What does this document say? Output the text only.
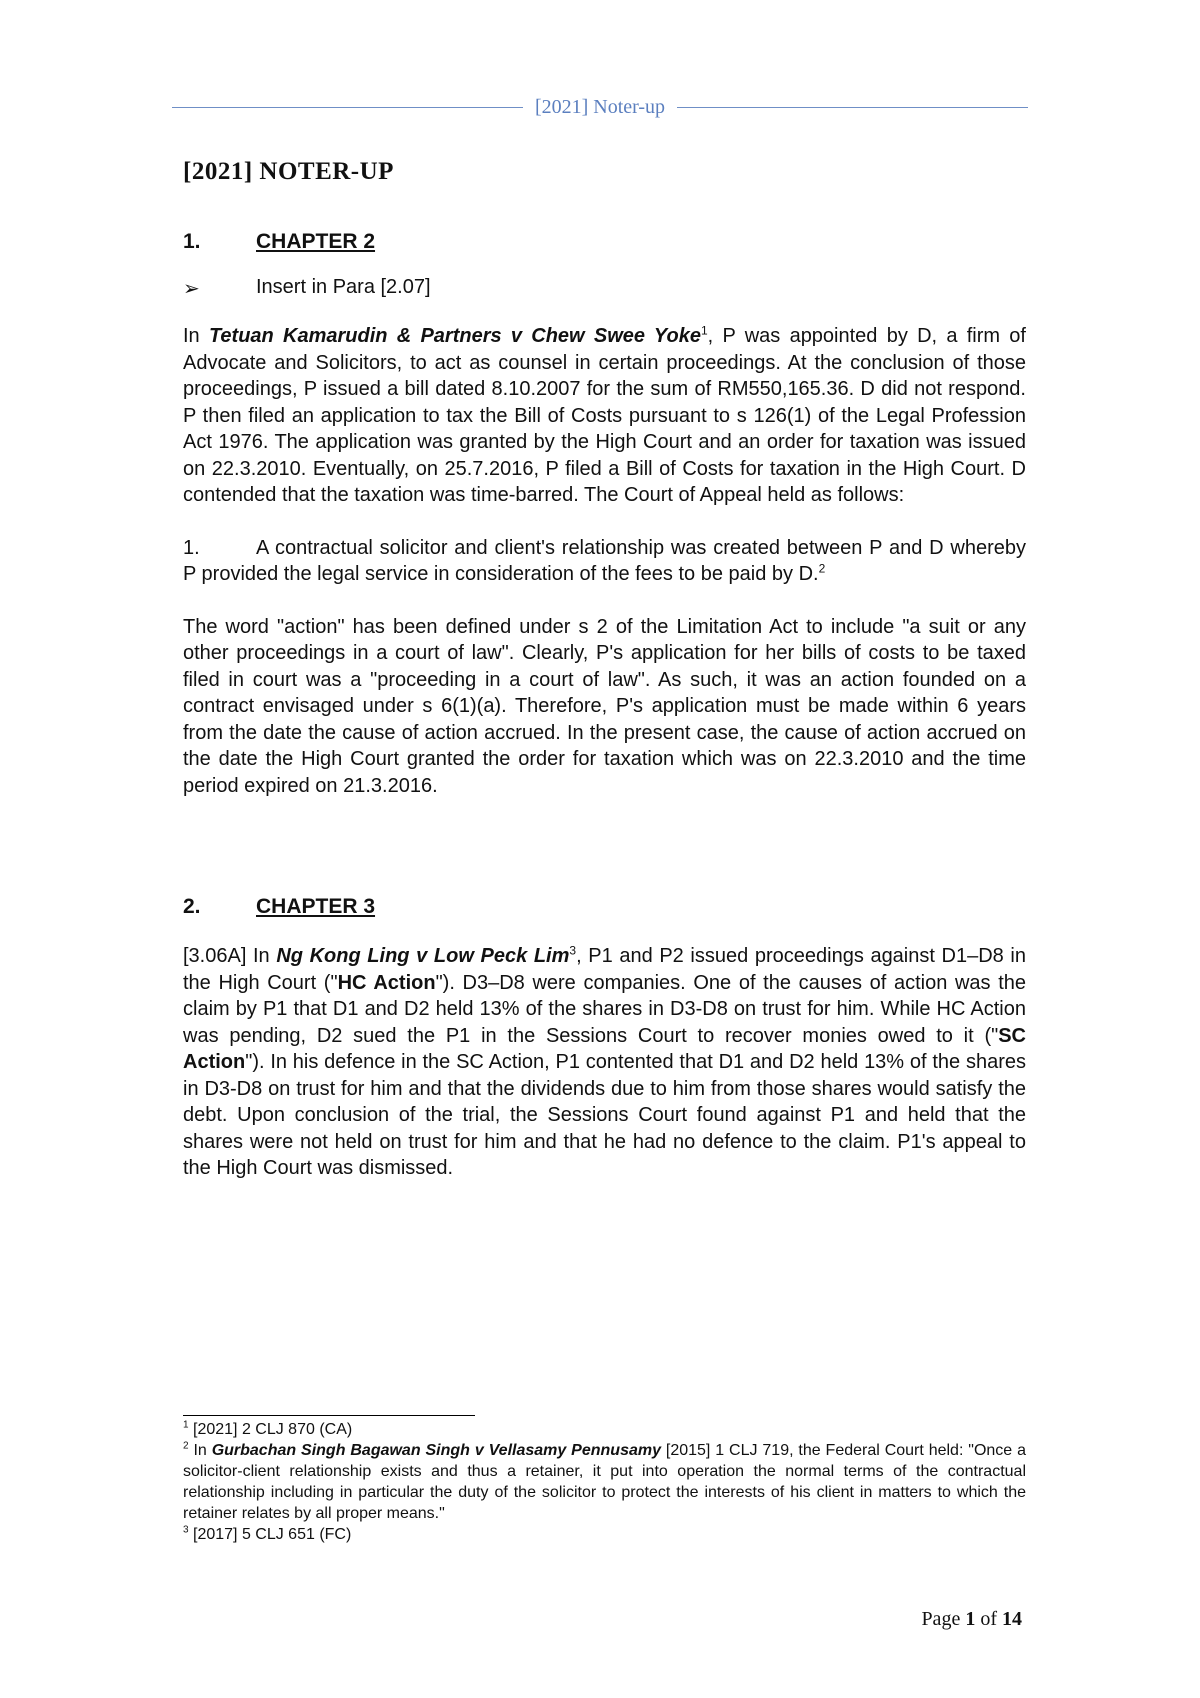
[2021] Noter-up
[2021] NOTER-UP
1.	CHAPTER 2
➢	Insert in Para [2.07]

In Tetuan Kamarudin & Partners v Chew Swee Yoke$^1$, P was appointed by D, a firm of Advocate and Solicitors, to act as counsel in certain proceedings. At the conclusion of those proceedings, P issued a bill dated 8.10.2007 for the sum of RM550,165.36. D did not respond. P then filed an application to tax the Bill of Costs pursuant to s 126(1) of the Legal Profession Act 1976. The application was granted by the High Court and an order for taxation was issued on 22.3.2010. Eventually, on 25.7.2016, P filed a Bill of Costs for taxation in the High Court. D contended that the taxation was time-barred. The Court of Appeal held as follows:

1.	A contractual solicitor and client's relationship was created between P and D whereby P provided the legal service in consideration of the fees to be paid by D.$^2$

The word "action" has been defined under s 2 of the Limitation Act to include "a suit or any other proceedings in a court of law". Clearly, P's application for her bills of costs to be taxed filed in court was a "proceeding in a court of law". As such, it was an action founded on a contract envisaged under s 6(1)(a). Therefore, P's application must be made within 6 years from the date the cause of action accrued. In the present case, the cause of action accrued on the date the High Court granted the order for taxation which was on 22.3.2010 and the time period expired on 21.3.2016.

2.	CHAPTER 3

[3.06A] In Ng Kong Ling v Low Peck Lim$^3$, P1 and P2 issued proceedings against D1–D8 in the High Court ("HC Action"). D3–D8 were companies. One of the causes of action was the claim by P1 that D1 and D2 held 13% of the shares in D3-D8 on trust for him. While HC Action was pending, D2 sued the P1 in the Sessions Court to recover monies owed to it ("SC Action"). In his defence in the SC Action, P1 contented that D1 and D2 held 13% of the shares in D3-D8 on trust for him and that the dividends due to him from those shares would satisfy the debt. Upon conclusion of the trial, the Sessions Court found against P1 and held that the shares were not held on trust for him and that he had no defence to the claim. P1's appeal to the High Court was dismissed.

$^1$ [2021] 2 CLJ 870 (CA)
$^2$ In Gurbachan Singh Bagawan Singh v Vellasamy Pennusamy [2015] 1 CLJ 719, the Federal Court held: "Once a solicitor-client relationship exists and thus a retainer, it put into operation the normal terms of the contractual relationship including in particular the duty of the solicitor to protect the interests of his client in matters to which the retainer relates by all proper means."
$^3$ [2017] 5 CLJ 651 (FC)
Page 1 of 14
